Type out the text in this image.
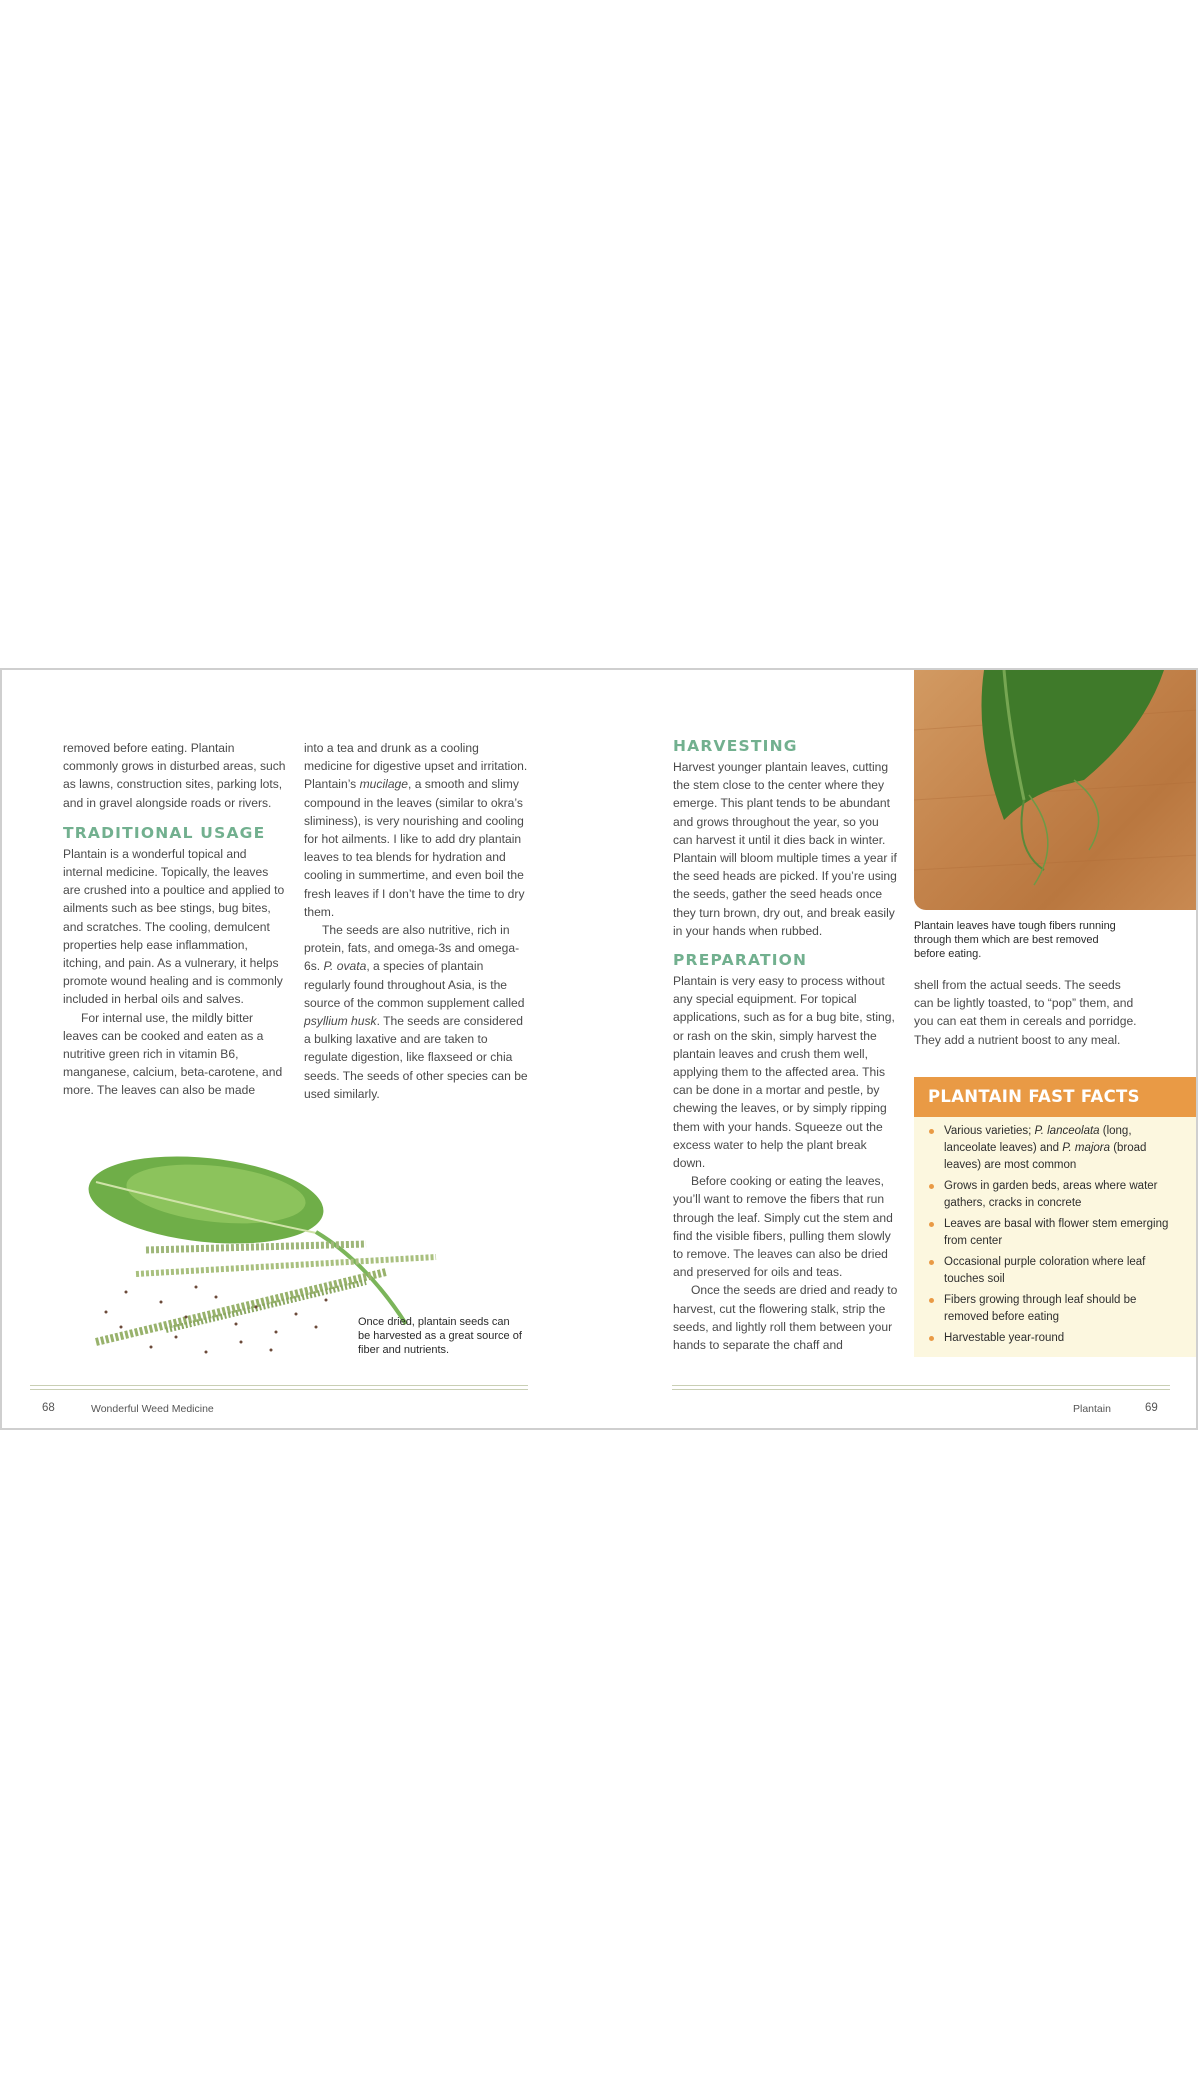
removed before eating. Plantain commonly grows in disturbed areas, such as lawns, construction sites, parking lots, and in gravel alongside roads or rivers.

TRADITIONAL USAGE

Plantain is a wonderful topical and internal medicine. Topically, the leaves are crushed into a poultice and applied to ailments such as bee stings, bug bites, and scratches. The cooling, demulcent properties help ease inflammation, itching, and pain. As a vulnerary, it helps promote wound healing and is commonly included in herbal oils and salves.

For internal use, the mildly bitter leaves can be cooked and eaten as a nutritive green rich in vitamin B6, manganese, calcium, beta-carotene, and more. The leaves can also be made

into a tea and drunk as a cooling medicine for digestive upset and irritation. Plantain’s mucilage, a smooth and slimy compound in the leaves (similar to okra’s sliminess), is very nourishing and cooling for hot ailments. I like to add dry plantain leaves to tea blends for hydration and cooling in summertime, and even boil the fresh leaves if I don’t have the time to dry them.

The seeds are also nutritive, rich in protein, fats, and omega-3s and omega-6s. P. ovata, a species of plantain regularly found throughout Asia, is the source of the common supplement called psyllium husk. The seeds are considered a bulking laxative and are taken to regulate digestion, like flaxseed or chia seeds. The seeds of other species can be used similarly.

Once dried, plantain seeds can be harvested as a great source of fiber and nutrients.
68	Wonderful Weed Medicine
HARVESTING

Harvest younger plantain leaves, cutting the stem close to the center where they emerge. This plant tends to be abundant and grows throughout the year, so you can harvest it until it dies back in winter. Plantain will bloom multiple times a year if the seed heads are picked. If you’re using the seeds, gather the seed heads once they turn brown, dry out, and break easily in your hands when rubbed.

PREPARATION

Plantain is very easy to process without any special equipment. For topical applications, such as for a bug bite, sting, or rash on the skin, simply harvest the plantain leaves and crush them well, applying them to the affected area. This can be done in a mortar and pestle, by chewing the leaves, or by simply ripping them with your hands. Squeeze out the excess water to help the plant break down.

Before cooking or eating the leaves, you’ll want to remove the fibers that run through the leaf. Simply cut the stem and find the visible fibers, pulling them slowly to remove. The leaves can also be dried and preserved for oils and teas.

Once the seeds are dried and ready to harvest, cut the flowering stalk, strip the seeds, and lightly roll them between your hands to separate the chaff and

Plantain leaves have tough fibers running through them which are best removed before eating.

shell from the actual seeds. The seeds can be lightly toasted, to “pop” them, and you can eat them in cereals and porridge. They add a nutrient boost to any meal.

PLANTAIN FAST FACTS
Various varieties; P. lanceolata (long, lanceolate leaves) and P. majora (broad leaves) are most common
Grows in garden beds, areas where water gathers, cracks in concrete
Leaves are basal with flower stem emerging from center
Occasional purple coloration where leaf touches soil
Fibers growing through leaf should be removed before eating
Harvestable year-round
Plantain	69
